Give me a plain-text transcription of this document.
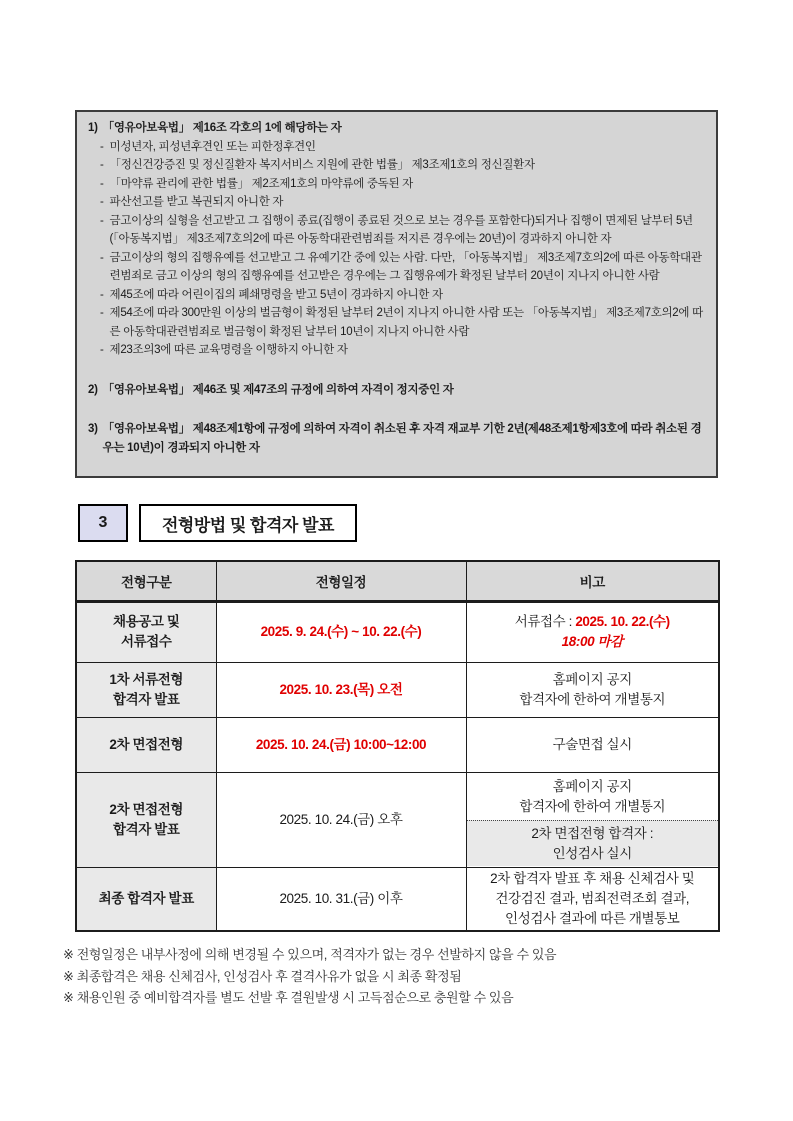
1) 「영유아보육법」 제16조 각호의 1에 해당하는 자
- 미성년자, 피성년후견인 또는 피한정후견인
- 「정신건강증진 및 정신질환자 복지서비스 지원에 관한 법률」 제3조제1호의 정신질환자
- 「마약류 관리에 관한 법률」 제2조제1호의 마약류에 중독된 자
- 파산선고를 받고 복권되지 아니한 자
- 금고이상의 실형을 선고받고 그 집행이 종료(집행이 종료된 것으로 보는 경우를 포함한다)되거나 집행이 면제된 날부터 5년(「아동복지법」 제3조제7호의2에 따른 아동학대관련범죄를 저지른 경우에는 20년)이 경과하지 아니한 자
- 금고이상의 형의 집행유예를 선고받고 그 유예기간 중에 있는 사람. 다만, 「아동복지법」 제3조제7호의2에 따른 아동학대관련범죄로 금고 이상의 형의 집행유예를 선고받은 경우에는 그 집행유예가 확정된 날부터 20년이 지나지 아니한 사람
- 제45조에 따라 어린이집의 폐쇄명령을 받고 5년이 경과하지 아니한 자
- 제54조에 따라 300만원 이상의 벌금형이 확정된 날부터 2년이 지나지 아니한 사람 또는 「아동복지법」 제3조제7호의2에 따른 아동학대관련범죄로 벌금형이 확정된 날부터 10년이 지나지 아니한 사람
- 제23조의3에 따른 교육명령을 이행하지 아니한 자
2) 「영유아보육법」 제46조 및 제47조의 규정에 의하여 자격이 정지중인 자
3) 「영유아보육법」 제48조제1항에 규정에 의하여 자격이 취소된 후 자격 재교부 기한 2년(제48조제1항제3호에 따라 취소된 경우는 10년)이 경과되지 아니한 자
3	전형방법 및 합격자 발표
전형구분	전형일정	비고

채용공고 및
서류접수
	2025. 9. 24.(수) ~ 10. 22.(수)	
서류접수 : 2025. 10. 22.(수)
18:00 마감

1차 서류전형
합격자 발표
	2025. 10. 23.(목) 오전	
홈페이지 공지
합격자에 한하여 개별통지

2차 면접전형	2025. 10. 24.(금) 10:00~12:00	구술면접 실시

2차 면접전형
합격자 발표
	2025. 10. 24.(금) 오후	
홈페이지 공지
합격자에 한하여 개별통지
2차 면접전형 합격자 :
인성검사 실시

최종 합격자 발표	2025. 10. 31.(금) 이후	2차 합격자 발표 후 채용 신체검사 및
건강검진 결과, 범죄전력조회 결과,
인성검사 결과에 따른 개별통보
※ 전형일정은 내부사정에 의해 변경될 수 있으며, 적격자가 없는 경우 선발하지 않을 수 있음
※ 최종합격은 채용 신체검사, 인성검사 후 결격사유가 없을 시 최종 확정됨
※ 채용인원 중 예비합격자를 별도 선발 후 결원발생 시 고득점순으로 충원할 수 있음
